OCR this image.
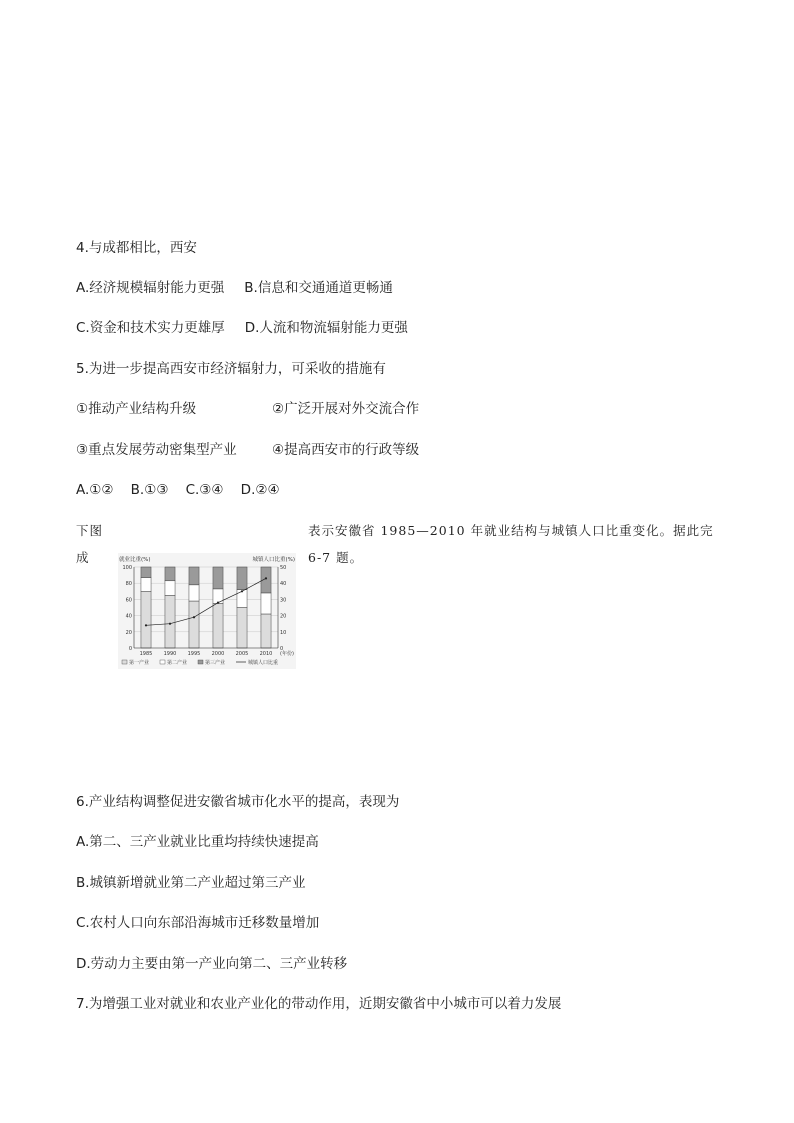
4.与成都相比，西安
A.经济规模辐射能力更强 B.信息和交通通道更畅通
C.资金和技术实力更雄厚 D.人流和物流辐射能力更强
5.为进一步提高西安市经济辐射力，可采收的措施有
①推动产业结构升级	②广泛开展对外交流合作
③重点发展劳动密集型产业	④提高西安市的行政等级
A.①②    B.①③    C.③④    D.②④
下图	表示安徽省 1985—2010 年就业结构与城镇人口比重变化。据此完
成	6-7 题。
就业比重(%)	城镇人口比重(%)
100
80
60
40
20
0
50
40
30
20
10
0
1985 1990 1995 2000 2005 2010 (年份)
第一产业	第二产业	第三产业	城镇人口比重
6.产业结构调整促进安徽省城市化水平的提高，表现为
A.第二、三产业就业比重均持续快速提高
B.城镇新增就业第二产业超过第三产业
C.农村人口向东部沿海城市迁移数量增加
D.劳动力主要由第一产业向第二、三产业转移
7.为增强工业对就业和农业产业化的带动作用，近期安徽省中小城市可以着力发展
